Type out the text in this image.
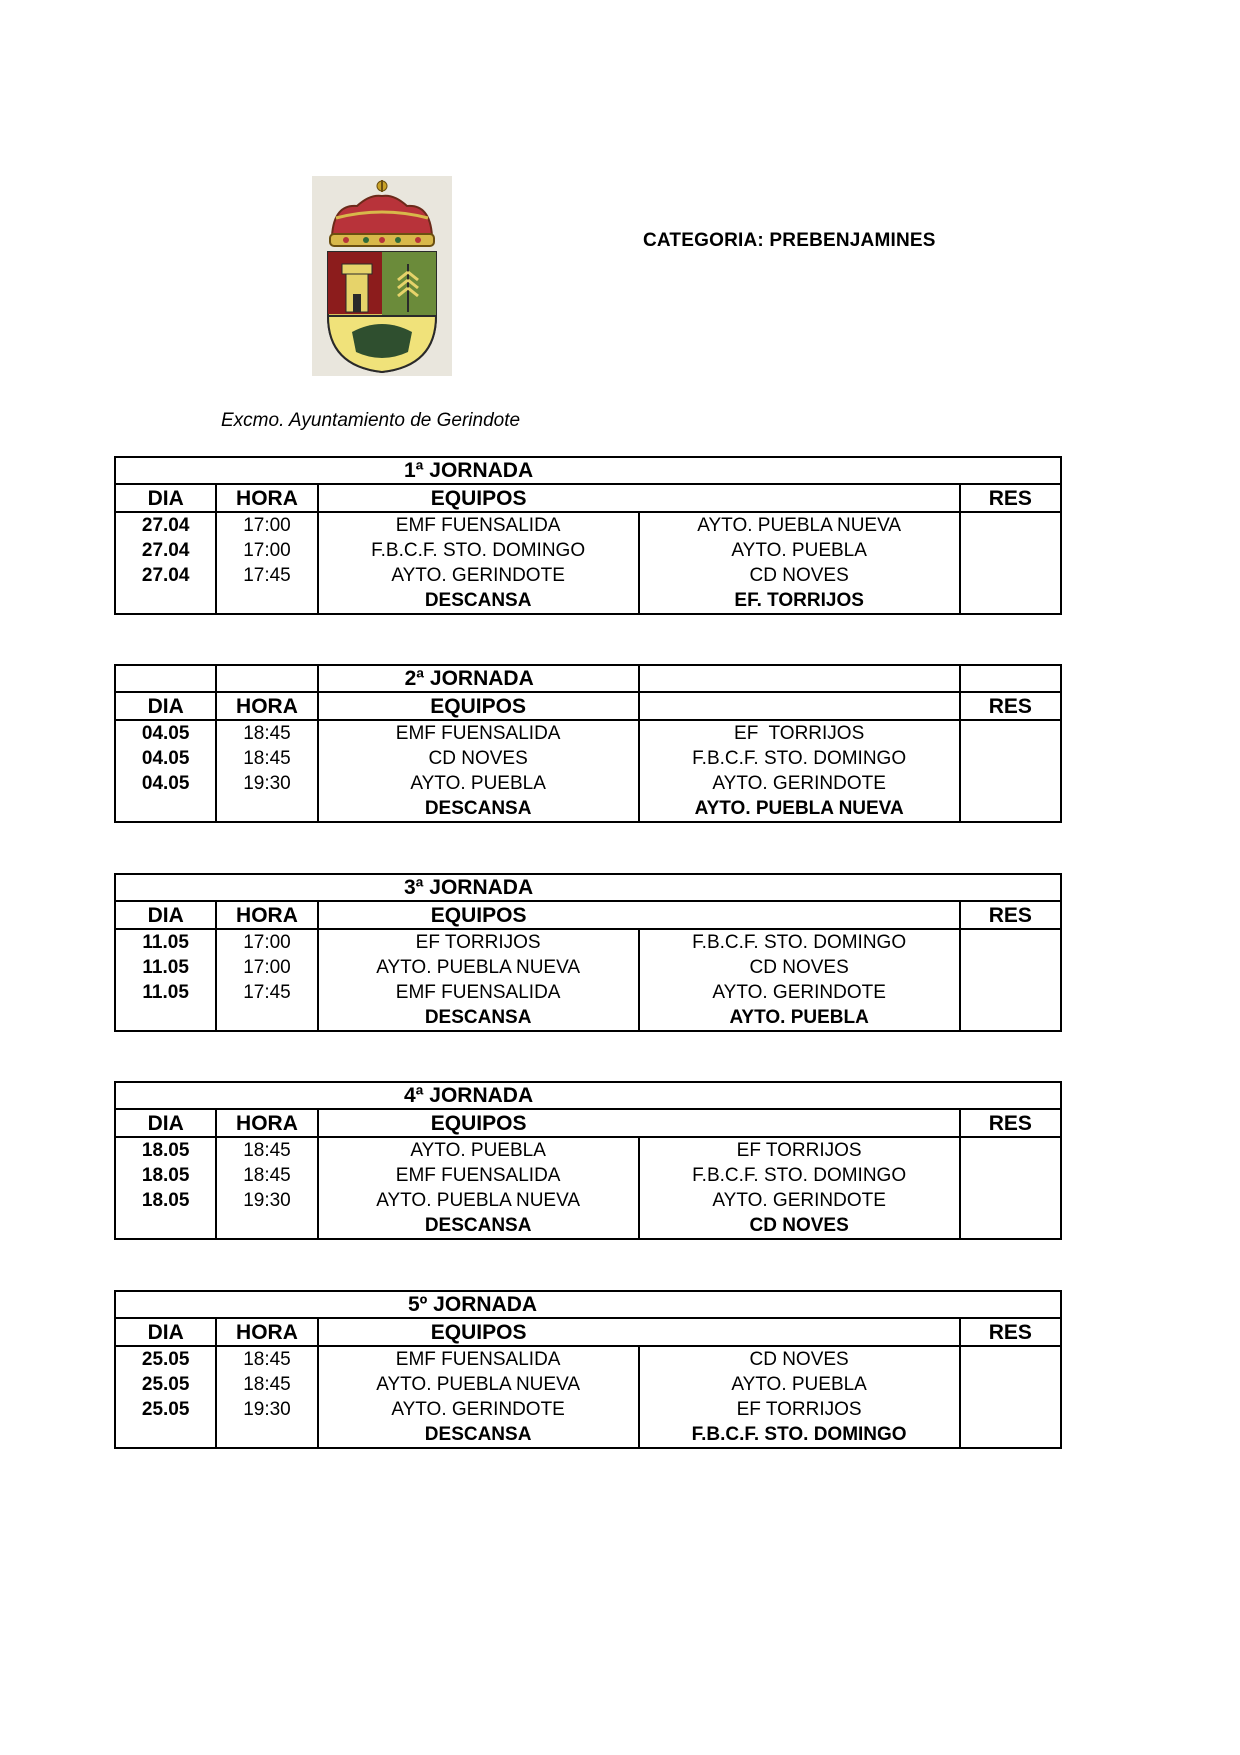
CATEGORIA: PREBENJAMINES
Excmo. Ayuntamiento de Gerindote
1ª JORNADA				
DIA	HORA	EQUIPOS		RES
27.04	17:00	EMF FUENSALIDA	AYTO. PUEBLA NUEVA	
27.04	17:00	F.B.C.F. STO. DOMINGO	AYTO. PUEBLA	
27.04	17:45	AYTO. GERINDOTE	CD NOVES	
		DESCANSA	EF. TORRIJOS	
		2ª JORNADA		
DIA	HORA	EQUIPOS		RES
04.05	18:45	EMF FUENSALIDA	EF  TORRIJOS	
04.05	18:45	CD NOVES	F.B.C.F. STO. DOMINGO	
04.05	19:30	AYTO. PUEBLA	AYTO. GERINDOTE	
		DESCANSA	AYTO. PUEBLA NUEVA	
3ª JORNADA				
DIA	HORA	EQUIPOS		RES
11.05	17:00	EF TORRIJOS	F.B.C.F. STO. DOMINGO	
11.05	17:00	AYTO. PUEBLA NUEVA	CD NOVES	
11.05	17:45	EMF FUENSALIDA	AYTO. GERINDOTE	
		DESCANSA	AYTO. PUEBLA	
4ª JORNADA				
DIA	HORA	EQUIPOS		RES
18.05	18:45	AYTO. PUEBLA	EF TORRIJOS	
18.05	18:45	EMF FUENSALIDA	F.B.C.F. STO. DOMINGO	
18.05	19:30	AYTO. PUEBLA NUEVA	AYTO. GERINDOTE	
		DESCANSA	CD NOVES	
5º JORNADA				
DIA	HORA	EQUIPOS		RES
25.05	18:45	EMF FUENSALIDA	CD NOVES	
25.05	18:45	AYTO. PUEBLA NUEVA	AYTO. PUEBLA	
25.05	19:30	AYTO. GERINDOTE	EF TORRIJOS	
		DESCANSA	F.B.C.F. STO. DOMINGO	
